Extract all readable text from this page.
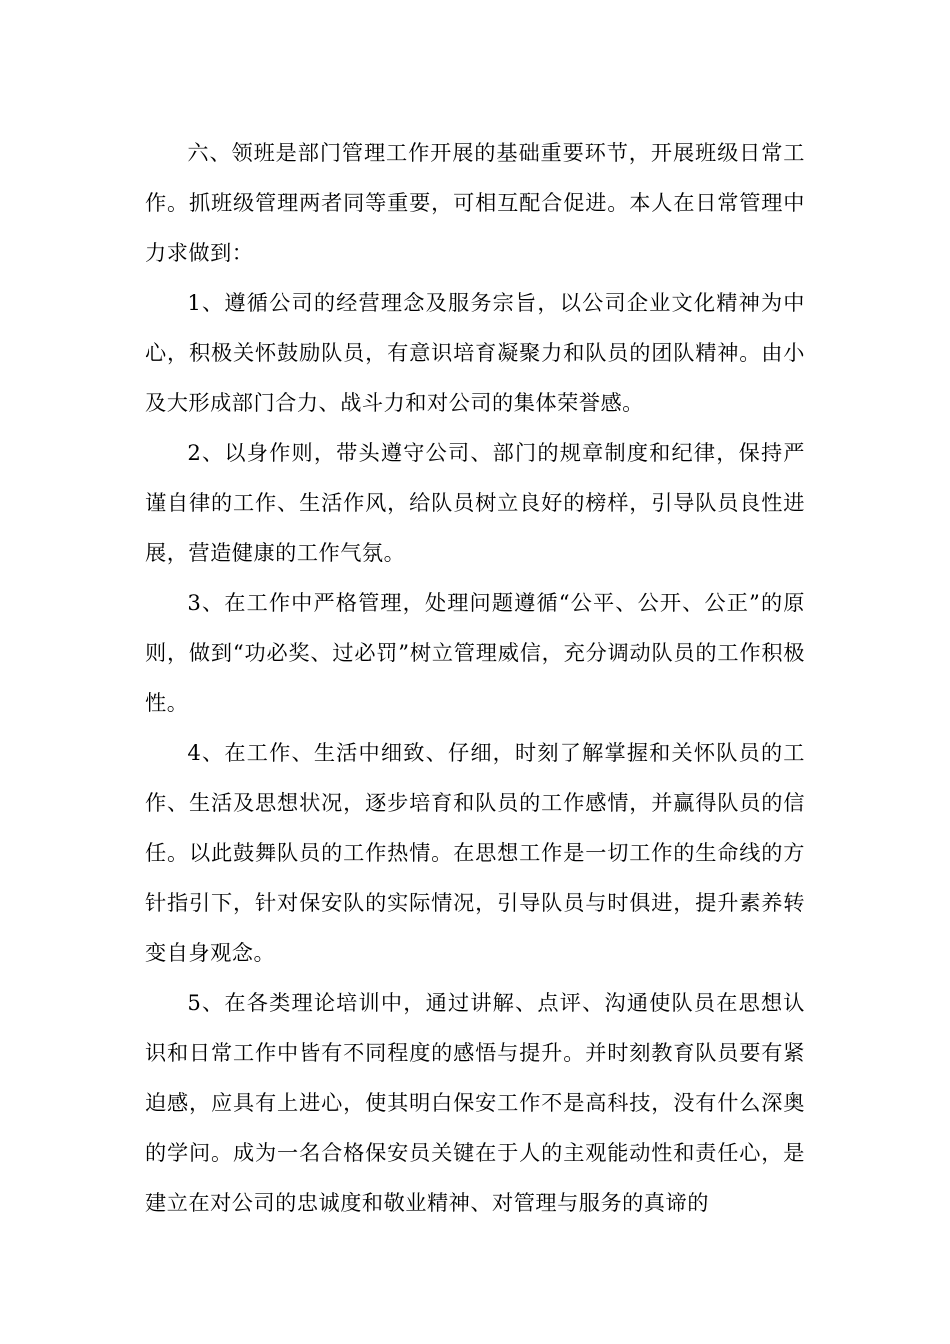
六、领班是部门管理工作开展的基础重要环节，开展班级日常工作。抓班级管理两者同等重要，可相互配合促进。本人在日常管理中力求做到：

1、遵循公司的经营理念及服务宗旨，以公司企业文化精神为中心，积极关怀鼓励队员，有意识培育凝聚力和队员的团队精神。由小及大形成部门合力、战斗力和对公司的集体荣誉感。

2、以身作则，带头遵守公司、部门的规章制度和纪律，保持严谨自律的工作、生活作风，给队员树立良好的榜样，引导队员良性进展，营造健康的工作气氛。

3、在工作中严格管理，处理问题遵循“公平、公开、公正”的原则，做到“功必奖、过必罚”树立管理威信，充分调动队员的工作积极性。

4、在工作、生活中细致、仔细，时刻了解掌握和关怀队员的工作、生活及思想状况，逐步培育和队员的工作感情，并赢得队员的信任。以此鼓舞队员的工作热情。在思想工作是一切工作的生命线的方针指引下，针对保安队的实际情况，引导队员与时俱进，提升素养转变自身观念。

5、在各类理论培训中，通过讲解、点评、沟通使队员在思想认识和日常工作中皆有不同程度的感悟与提升。并时刻教育队员要有紧迫感，应具有上进心，使其明白保安工作不是高科技，没有什么深奥的学问。成为一名合格保安员关键在于人的主观能动性和责任心，是建立在对公司的忠诚度和敬业精神、对管理与服务的真谛的
